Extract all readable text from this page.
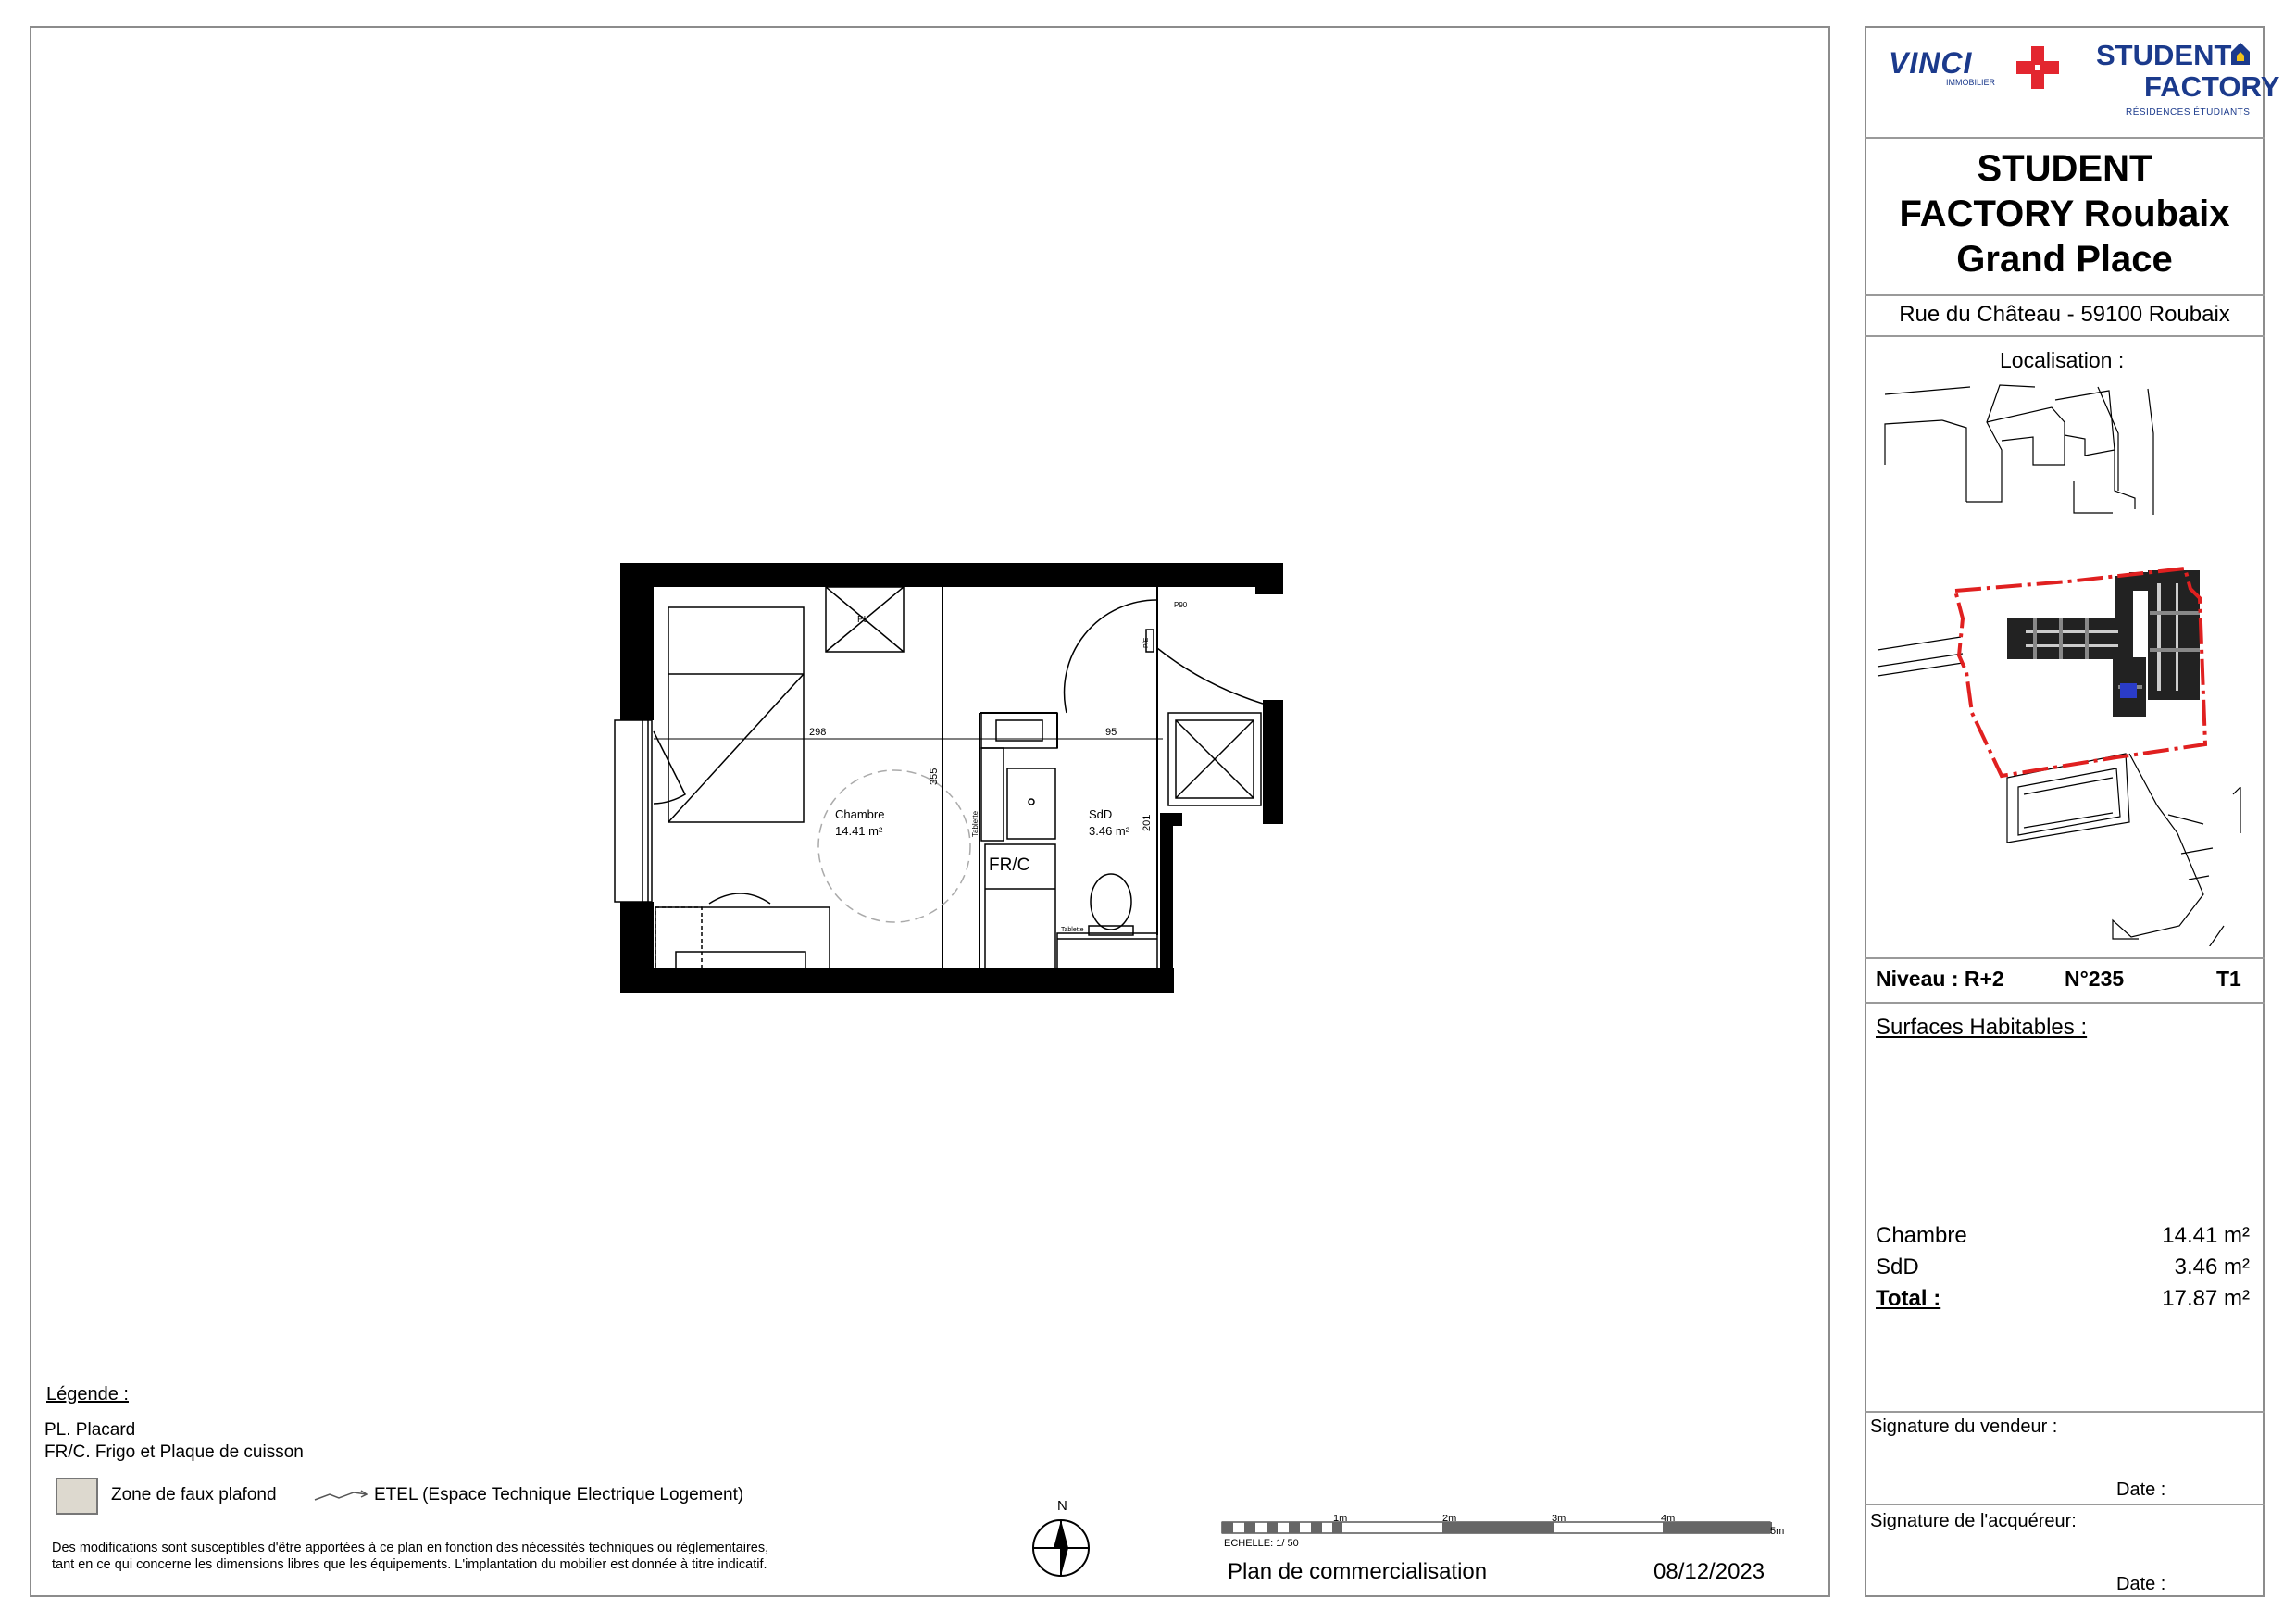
298	95
355
201
Chambre
14.41 m²
SdD
3.46 m²
FR/C
PL
P90
Tablette
Tablette
P/E
Légende :
PL. Placard
FR/C. Frigo et Plaque de cuisson
Zone de faux plafond	ETEL (Espace Technique Electrique Logement)
Des modifications sont susceptibles d'être apportées à ce plan en fonction des nécessités techniques ou réglementaires,
tant en ce qui concerne les dimensions libres que les équipements. L'implantation du mobilier est donnée à titre indicatif.
N
1m	2m	3m	4m
5m
ECHELLE: 1/ 50
Plan de commercialisation	08/12/2023
VINCI
IMMOBILIER
STUDENT
FACTORY
RÉSIDENCES ÉTUDIANTS
STUDENT
FACTORY Roubaix
Grand Place
Rue du Château - 59100 Roubaix
Localisation :
Niveau : R+2	N°235	T1
Surfaces Habitables :
Chambre	14.41 m²
SdD	3.46 m²
Total :	17.87 m²
Signature du vendeur :
Date :
Signature de l'acquéreur:
Date :
